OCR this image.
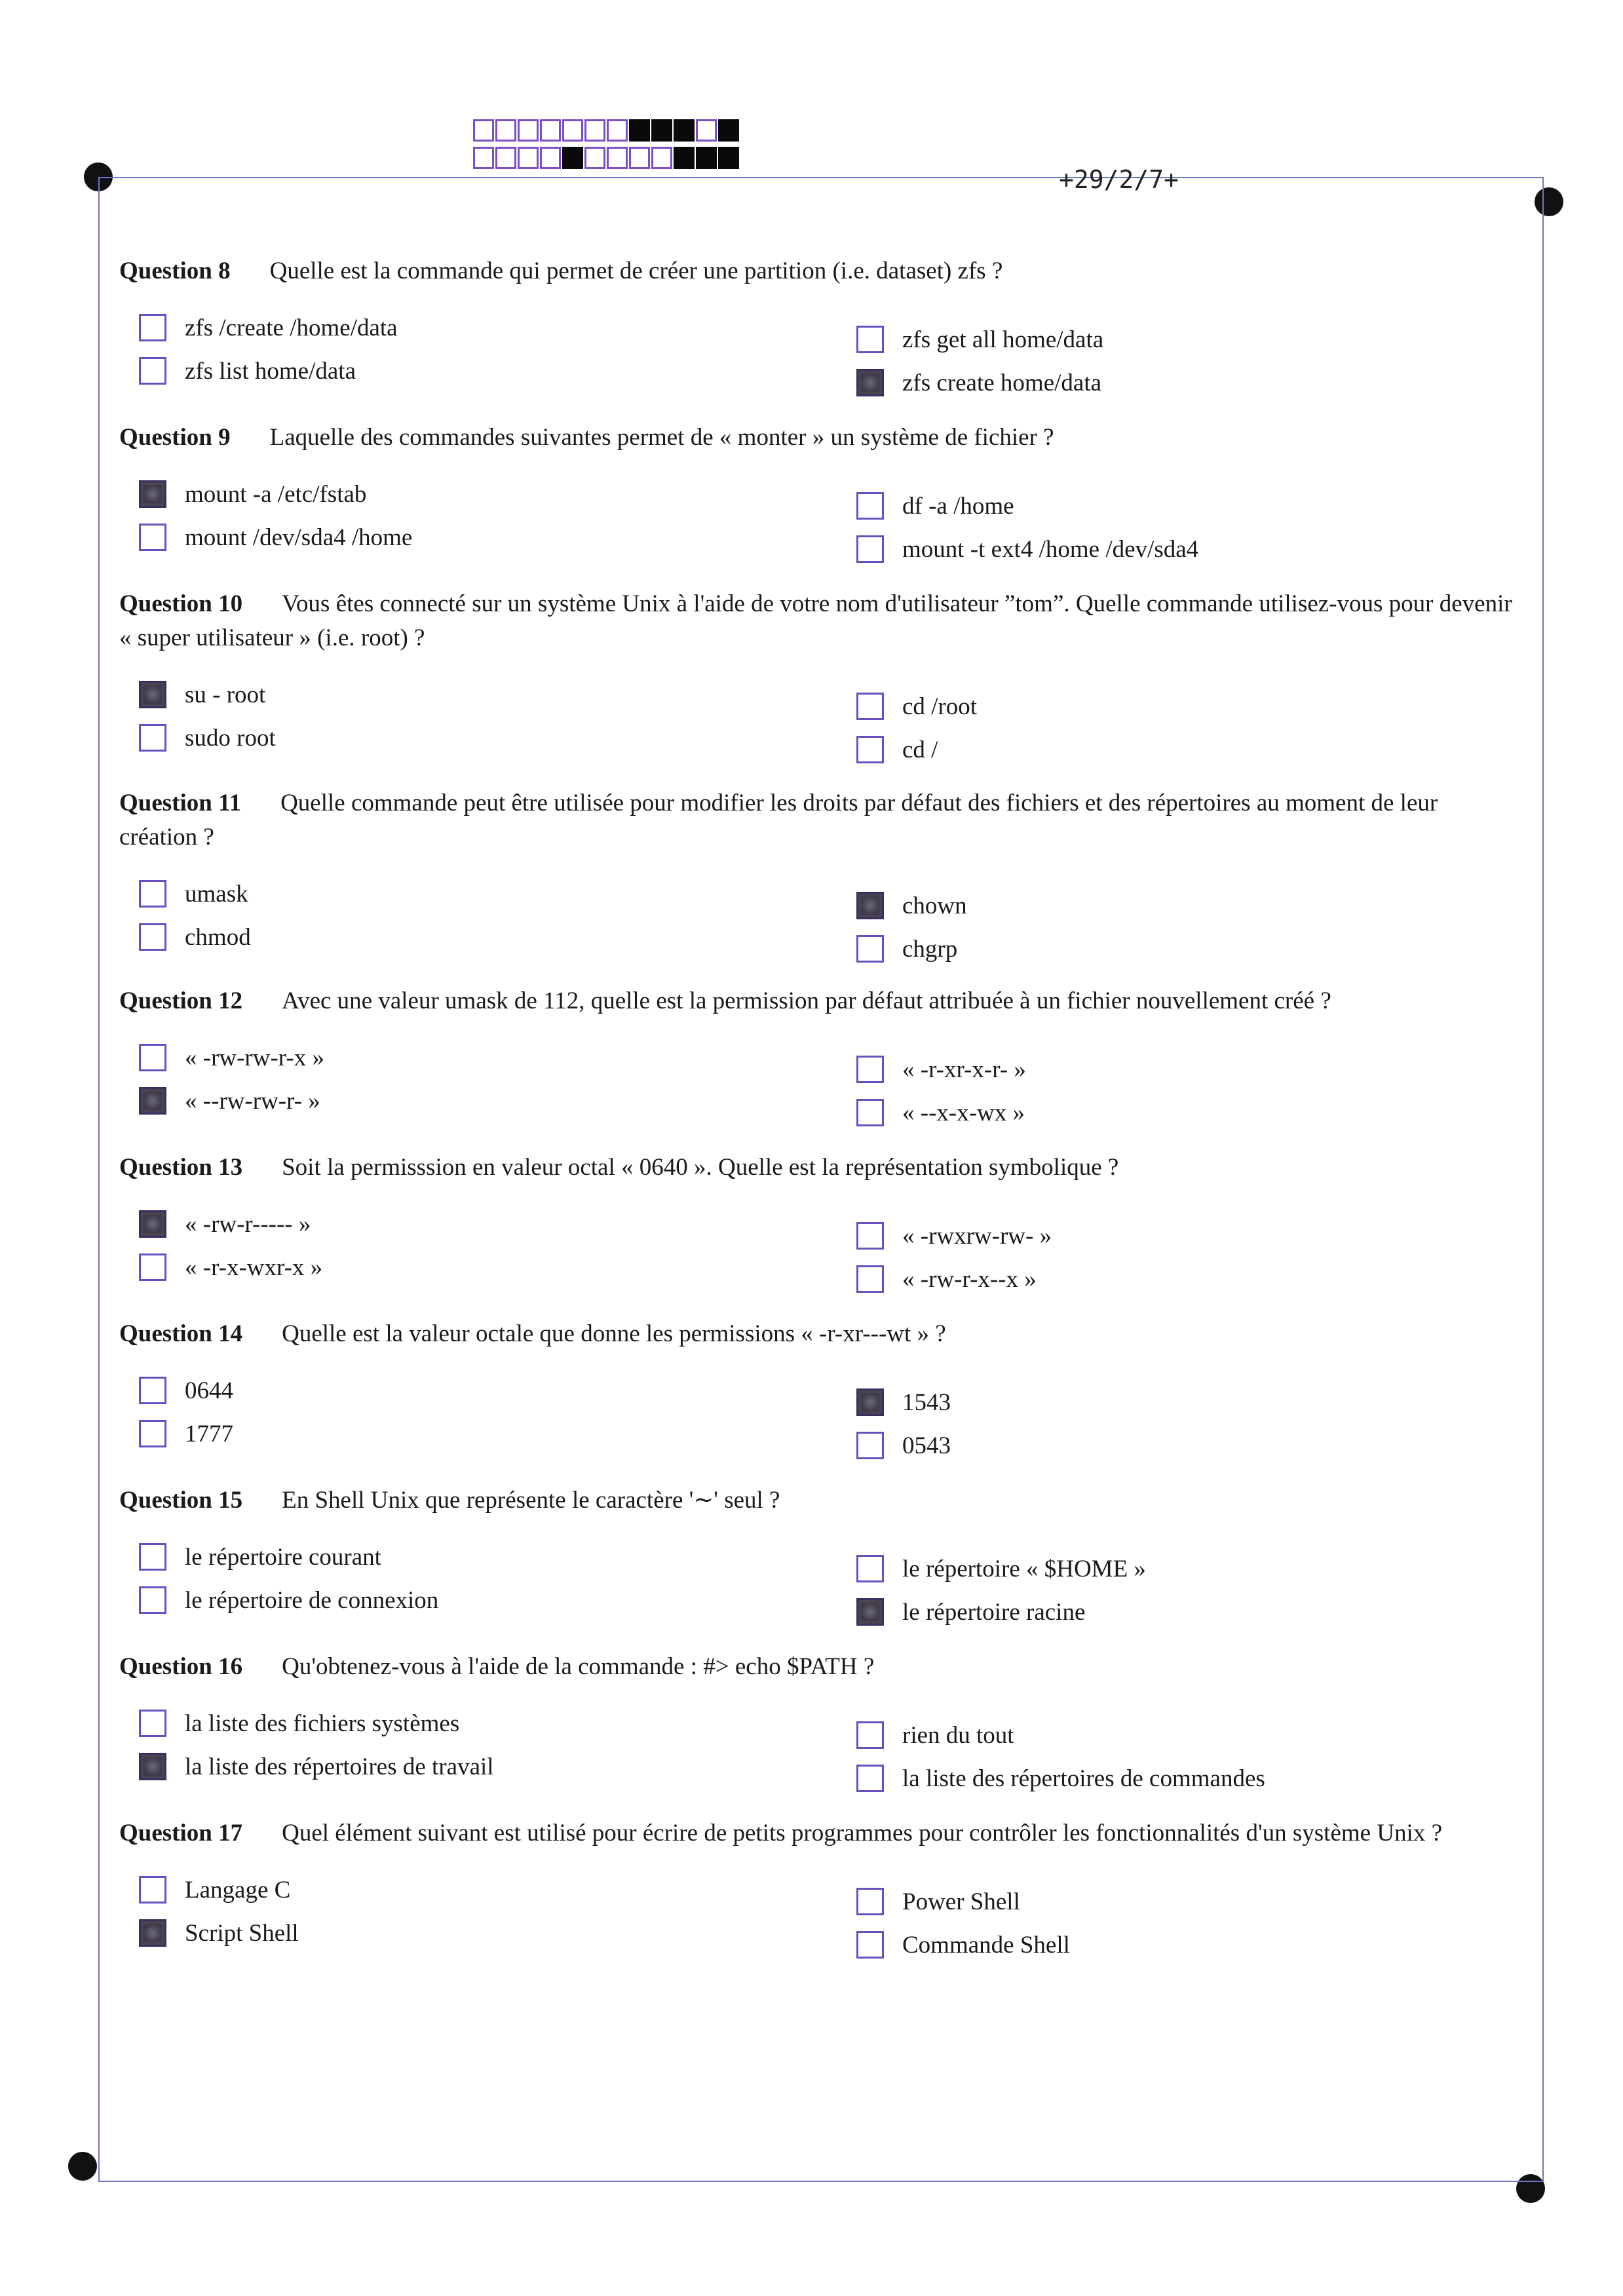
+29/2/7+
Question 8 Quelle est la commande qui permet de créer une partition (i.e. dataset) zfs ?
zfs /create /home/data
zfs list home/data
zfs get all home/data
zfs create home/data
Question 9 Laquelle des commandes suivantes permet de « monter » un système de fichier ?
mount -a /etc/fstab
mount /dev/sda4 /home
df -a /home
mount -t ext4 /home /dev/sda4
Question 10 Vous êtes connecté sur un système Unix à l'aide de votre nom d'utilisateur ”tom”. Quelle commande utilisez-vous pour devenir « super utilisateur » (i.e. root) ?
su - root
sudo root
cd /root
cd /
Question 11 Quelle commande peut être utilisée pour modifier les droits par défaut des fichiers et des répertoires au moment de leur création ?
umask
chmod
chown
chgrp
Question 12 Avec une valeur umask de 112, quelle est la permission par défaut attribuée à un fichier nouvellement créé ?
« -rw-rw-r-x »
« --rw-rw-r- »
« -r-xr-x-r- »
« --x-x-wx »
Question 13 Soit la permisssion en valeur octal « 0640 ». Quelle est la représentation symbolique ?
« -rw-r----- »
« -r-x-wxr-x »
« -rwxrw-rw- »
« -rw-r-x--x »
Question 14 Quelle est la valeur octale que donne les permissions « -r-xr---wt » ?
0644
1777
1543
0543
Question 15 En Shell Unix que représente le caractère '∼' seul ?
le répertoire courant
le répertoire de connexion
le répertoire « $HOME »
le répertoire racine
Question 16 Qu'obtenez-vous à l'aide de la commande : #> echo $PATH ?
la liste des fichiers systèmes
la liste des répertoires de travail
rien du tout
la liste des répertoires de commandes
Question 17 Quel élément suivant est utilisé pour écrire de petits programmes pour contrôler les fonctionnalités d'un système Unix ?
Langage C
Script Shell
Power Shell
Commande Shell
